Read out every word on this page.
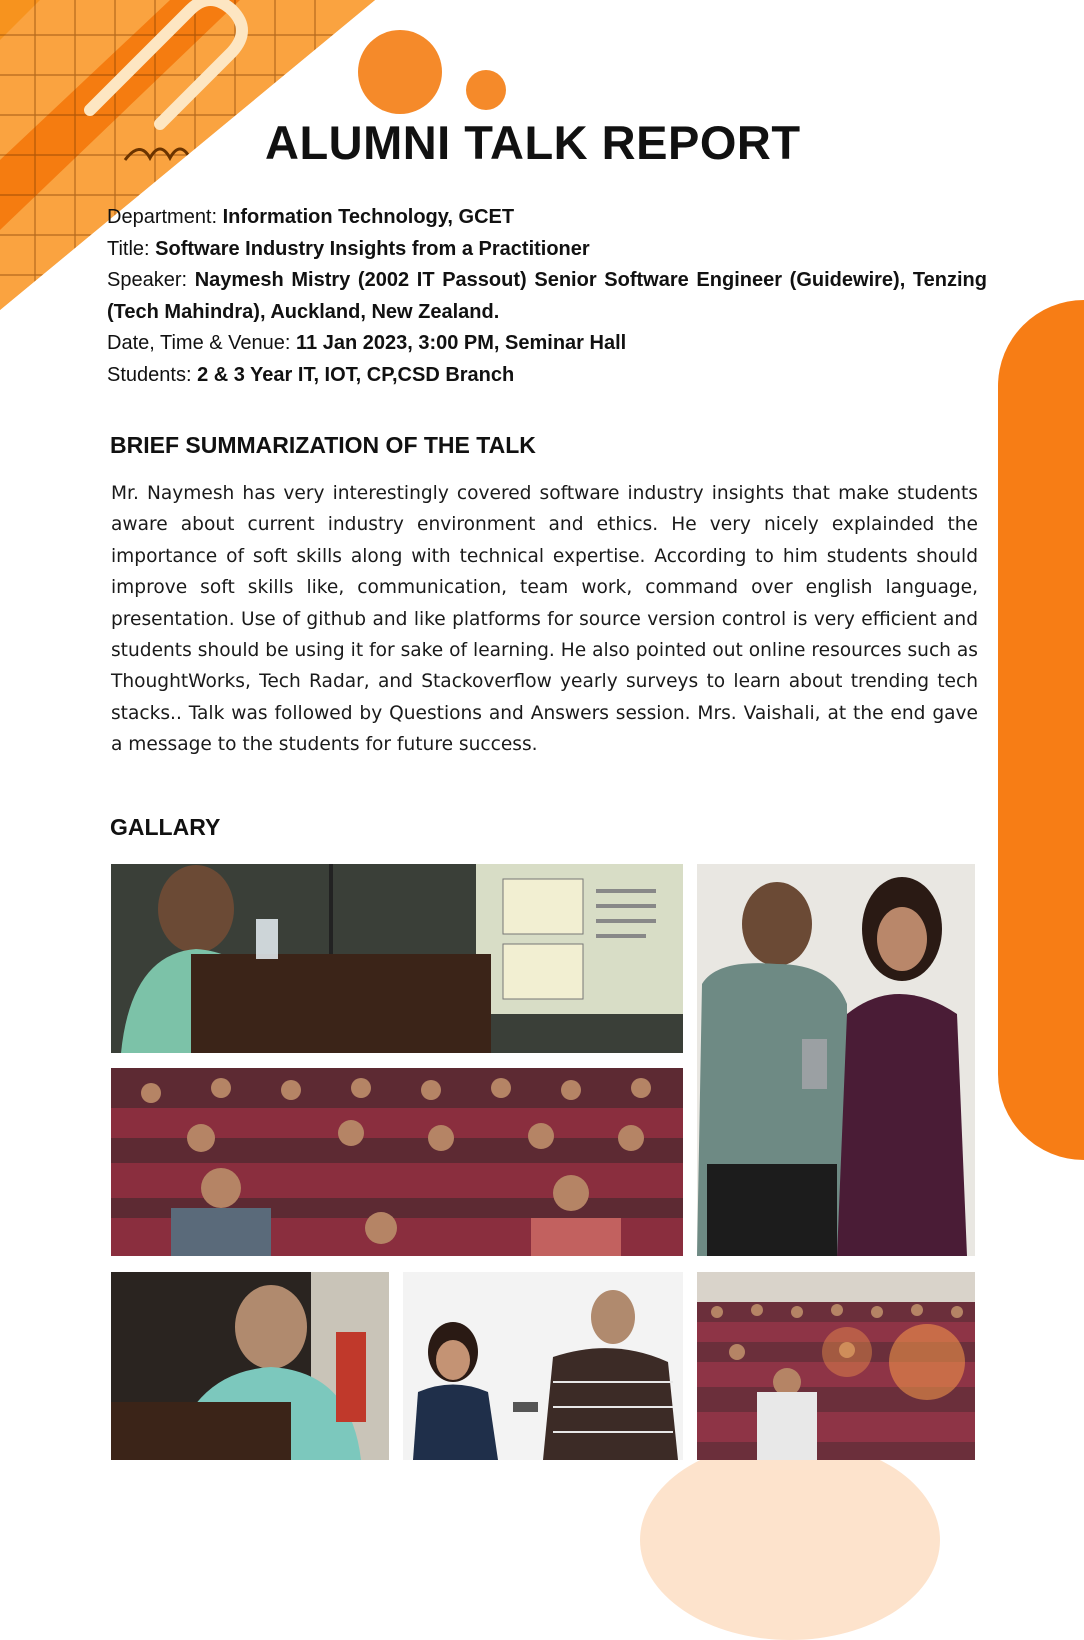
ALUMNI TALK REPORT
Department: Information Technology, GCET
Title: Software Industry Insights from a Practitioner
Speaker: Naymesh Mistry (2002 IT Passout) Senior Software Engineer (Guidewire), Tenzing (Tech Mahindra), Auckland, New Zealand.
Date, Time & Venue: 11 Jan 2023, 3:00 PM, Seminar Hall
Students: 2 & 3 Year IT, IOT, CP,CSD Branch
BRIEF SUMMARIZATION OF THE TALK

Mr. Naymesh has very interestingly covered software industry insights that make students aware about current industry environment and ethics. He very nicely explainded the importance of soft skills along with technical expertise. According to him students should improve soft skills like, communication, team work, command over english language, presentation. Use of github and like platforms for source version control is very efficient and students should be using it for sake of learning. He also pointed out online resources such as ThoughtWorks, Tech Radar, and Stackoverflow yearly surveys to learn about trending tech stacks.. Talk was followed by Questions and Answers session. Mrs. Vaishali, at the end gave a message to the students for future success.

GALLARY
